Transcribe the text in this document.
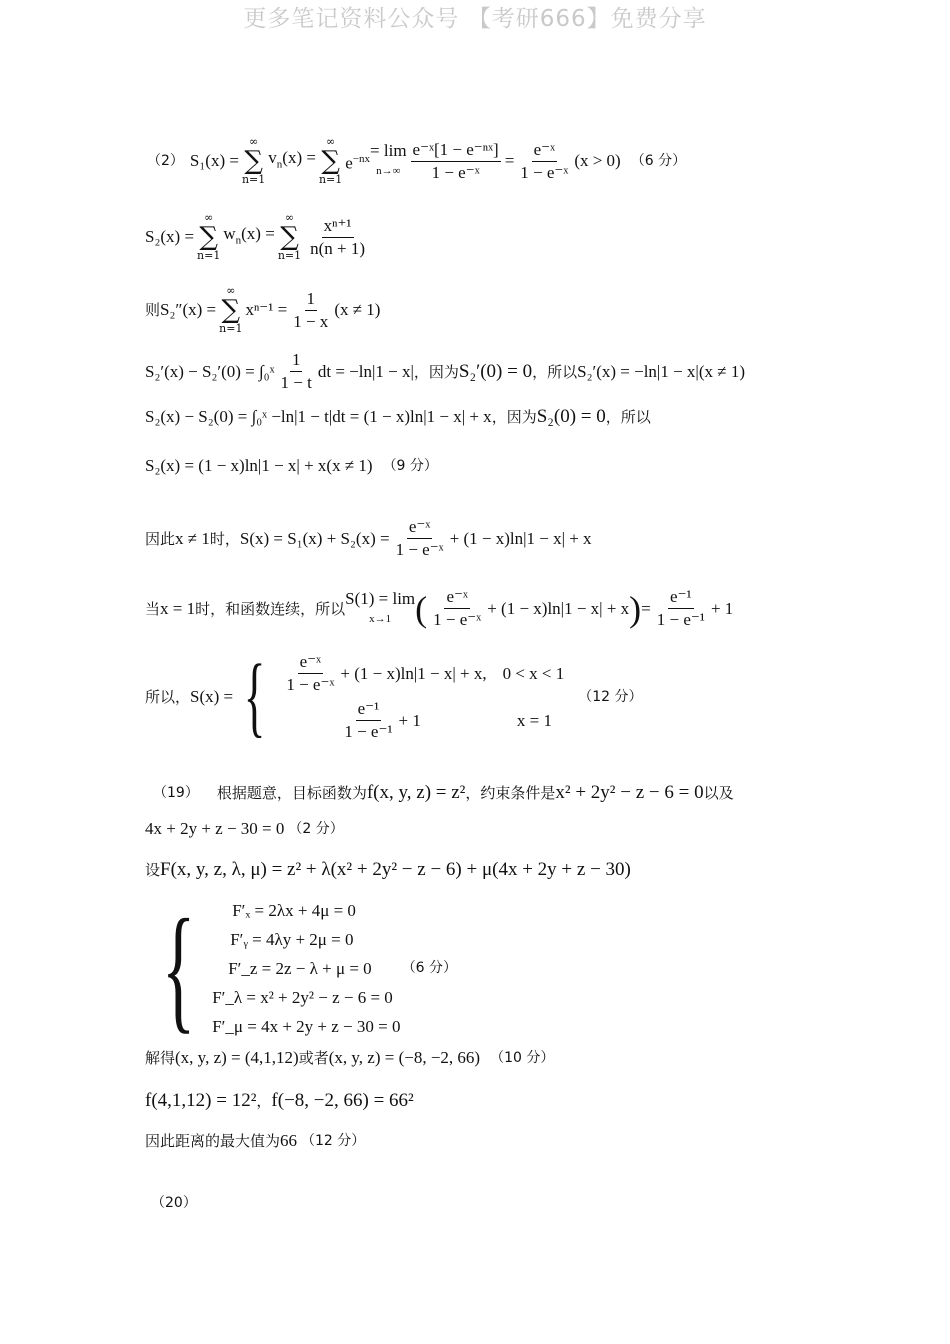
更多笔记资料公众号 【考研666】免费分享
（2） S₁(x) =
∞
∑
n=1
$v_n(x)$ =
∞
∑
n=1
$e^{-nx} = \lim$
$n\to\infty \frac{\text{e⁻ˣ[1 − e⁻ⁿˣ]}}{\text{1 − e⁻ˣ}} = \frac{\text{e⁻ˣ}}{\text{1 − e⁻ˣ}} (x > 0)$ （6 分）
S₂(x) =
∞
∑
n=1
$w_n(x)$ =
∞
∑
n=1
xⁿ⁺¹
n(n + 1)
则 S₂″(x) =
∞
∑
n=1
$x^{n-1} = \frac{1}{1 - x} (x \ne 1)$
S₂′(x) − S₂′(0) = ∫₀ˣ
1
1 − t
dt = −ln|1 − x| ，因为 S₂′(0) = 0 ，所以 S₂′(x) = −ln|1 − x|(x ≠ 1)
S₂(x) − S₂(0) = ∫₀ˣ −ln|1 − t|dt = (1 − x)ln|1 − x| + x ，因为 S₂(0) = 0 ，所以
S₂(x) = (1 − x)ln|1 − x| + x(x ≠ 1) （9 分）
因此 x ≠ 1 时， $S(x) = S_1(x) + S_2(x) = \frac{\text{e⁻ˣ}}{\text{1 − e⁻ˣ}} + (1 - x)\ln|1 - x| + x$
当 x = 1 时，和函数连续，所以
S(1) = lim
x→1 ( e⁻ˣ
1 − e⁻ˣ
+ (1 − x)ln|1 − x| + x ) = $\frac{\text{e⁻¹}}{\text{1 − e⁻¹}} + 1$
所以， S(x) = { e⁻ˣ
1 − e⁻ˣ
+ (1 − x)ln|1 − x| + x, 0 < x < 1
e⁻¹
1 − e⁻¹
+ 1	x = 1
（12 分）
（19） 根据题意，目标函数为 f(x, y, z) = z² ，约束条件是 x² + 2y² − z − 6 = 0 以及
4x + 2y + z − 30 = 0 （2 分）
设 F(x, y, z, λ, μ) = z² + λ(x² + 2y² − z − 6) + μ(4x + 2y + z − 30)
{ F′ₓ = 2λx + 4μ = 0
F′ᵧ = 4λy + 2μ = 0
F′_z = 2z − λ + μ = 0 （6 分）
F′_λ = x² + 2y² − z − 6 = 0
F′_μ = 4x + 2y + z − 30 = 0
解得 (x, y, z) = (4,1,12) 或者 (x, y, z) = (−8, −2, 66) （10 分）
f(4,1,12) = 12² ， f(−8, −2, 66) = 66²
因此距离的最大值为 66 （12 分）
（20）
